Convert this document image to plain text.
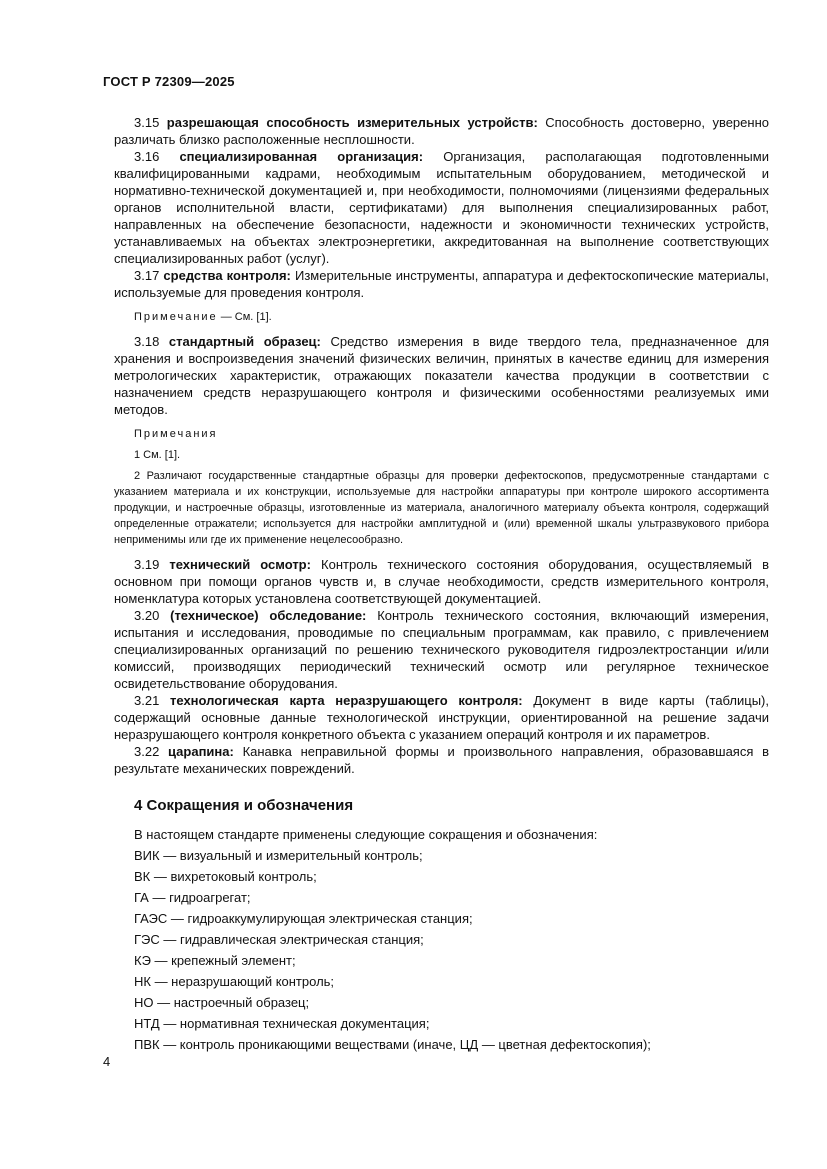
ГОСТ Р 72309—2025

3.15 разрешающая способность измерительных устройств: Способность достоверно, уверенно различать близко расположенные несплошности.

3.16 специализированная организация: Организация, располагающая подготовленными квалифицированными кадрами, необходимым испытательным оборудованием, методической и нормативно-технической документацией и, при необходимости, полномочиями (лицензиями федеральных органов исполнительной власти, сертификатами) для выполнения специализированных работ, направленных на обеспечение безопасности, надежности и экономичности технических устройств, устанавливаемых на объектах электроэнергетики, аккредитованная на выполнение соответствующих специализированных работ (услуг).

3.17 средства контроля: Измерительные инструменты, аппаратура и дефектоскопические материалы, используемые для проведения контроля.

Примечание — См. [1].

3.18 стандартный образец: Средство измерения в виде твердого тела, предназначенное для хранения и воспроизведения значений физических величин, принятых в качестве единиц для измерения метрологических характеристик, отражающих показатели качества продукции в соответствии с назначением средств неразрушающего контроля и физическими особенностями реализуемых ими методов.

Примечания

1 См. [1].

2 Различают государственные стандартные образцы для проверки дефектоскопов, предусмотренные стандартами с указанием материала и их конструкции, используемые для настройки аппаратуры при контроле широкого ассортимента продукции, и настроечные образцы, изготовленные из материала, аналогичного материалу объекта контроля, содержащий определенные отражатели; используется для настройки амплитудной и (или) временной шкалы ультразвукового прибора неприменимы или где их применение нецелесообразно.

3.19 технический осмотр: Контроль технического состояния оборудования, осуществляемый в основном при помощи органов чувств и, в случае необходимости, средств измерительного контроля, номенклатура которых установлена соответствующей документацией.

3.20 (техническое) обследование: Контроль технического состояния, включающий измерения, испытания и исследования, проводимые по специальным программам, как правило, с привлечением специализированных организаций по решению технического руководителя гидроэлектростанции и/или комиссий, производящих периодический технический осмотр или регулярное техническое освидетельствование оборудования.

3.21 технологическая карта неразрушающего контроля: Документ в виде карты (таблицы), содержащий основные данные технологической инструкции, ориентированной на решение задачи неразрушающего контроля конкретного объекта с указанием операций контроля и их параметров.

3.22 царапина: Канавка неправильной формы и произвольного направления, образовавшаяся в результате механических повреждений.

4 Сокращения и обозначения
В настоящем стандарте применены следующие сокращения и обозначения:
ВИК — визуальный и измерительный контроль;
ВК — вихретоковый контроль;
ГА — гидроагрегат;
ГАЭС — гидроаккумулирующая электрическая станция;
ГЭС — гидравлическая электрическая станция;
КЭ — крепежный элемент;
НК — неразрушающий контроль;
НО — настроечный образец;
НТД — нормативная техническая документация;
ПВК — контроль проникающими веществами (иначе, ЦД — цветная дефектоскопия);
4
